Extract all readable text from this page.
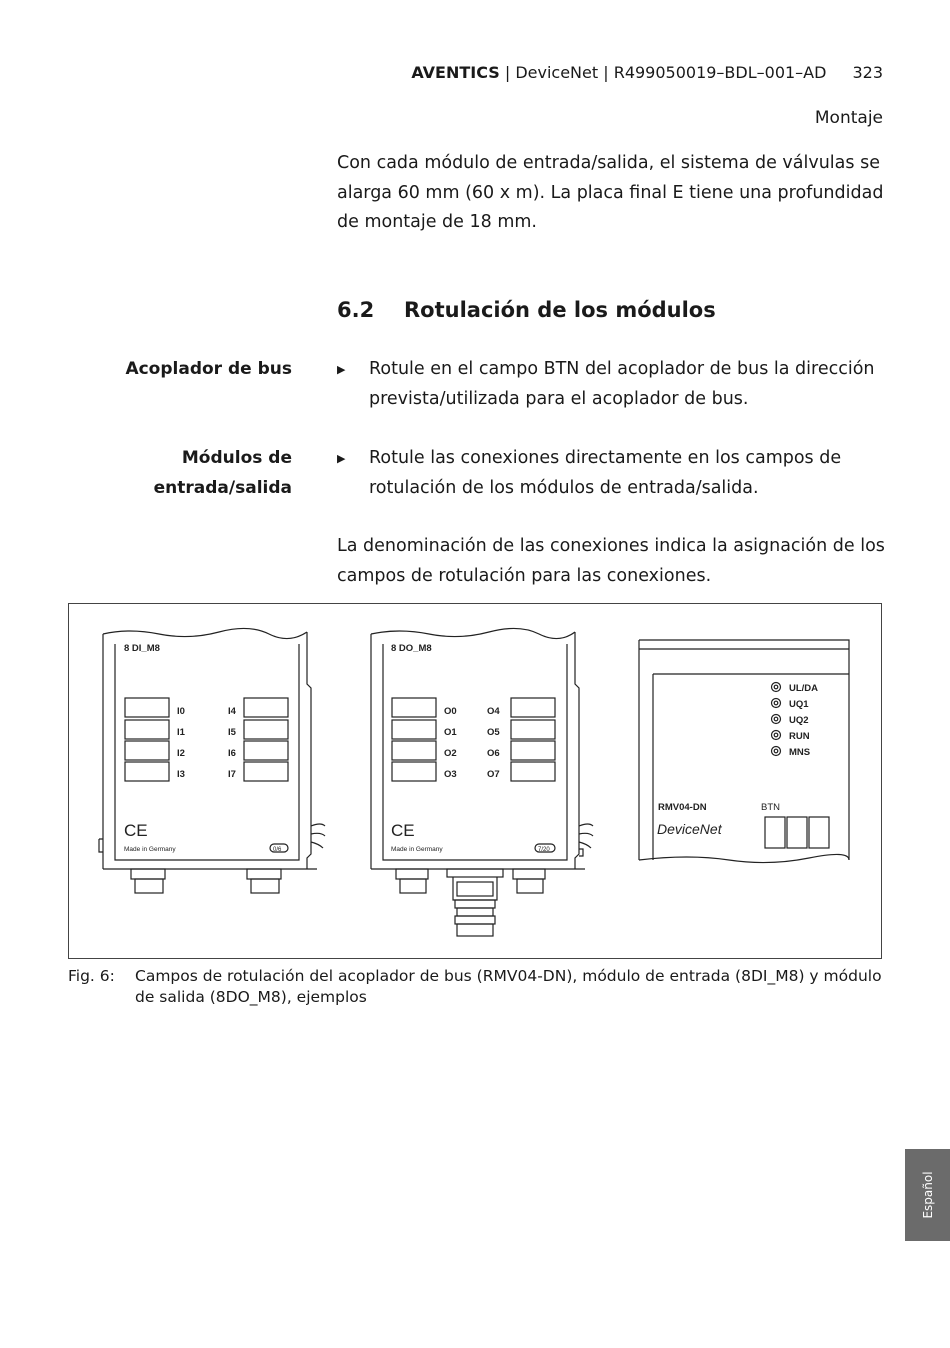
AVENTICS | DeviceNet | R499050019–BDL–001–AD 323
Montaje
Con cada módulo de entrada/salida, el sistema de válvulas se alarga 60 mm (60 x m). La placa final E tiene una profundidad de montaje de 18 mm.
6.2 Rotulación de los módulos
Acoplador de bus	▶ Rotule en el campo BTN del acoplador de bus la dirección prevista/utilizada para el acoplador de bus.
Módulos de
entrada/salida
▶ Rotule las conexiones directamente en los campos de rotulación de los módulos de entrada/salida.
La denominación de las conexiones indica la asignación de los campos de rotulación para las conexiones.
8 DI_M8
I0
I1
I2
I3
I4
I5
I6
I7
8 DO_M8
O0
O1
O2
O3
O4
O5
O6
O7
UL/DA
UQ1
UQ2
RUN
MNS
RMV04-DN	BTN
CE
Made in Germany	0/6
CE
Made in Germany	7/20
DeviceNet
Fig. 6: Campos de rotulación del acoplador de bus (RMV04-DN), módulo de entrada (8DI_M8) y módulo de salida (8DO_M8), ejemplos
Español
